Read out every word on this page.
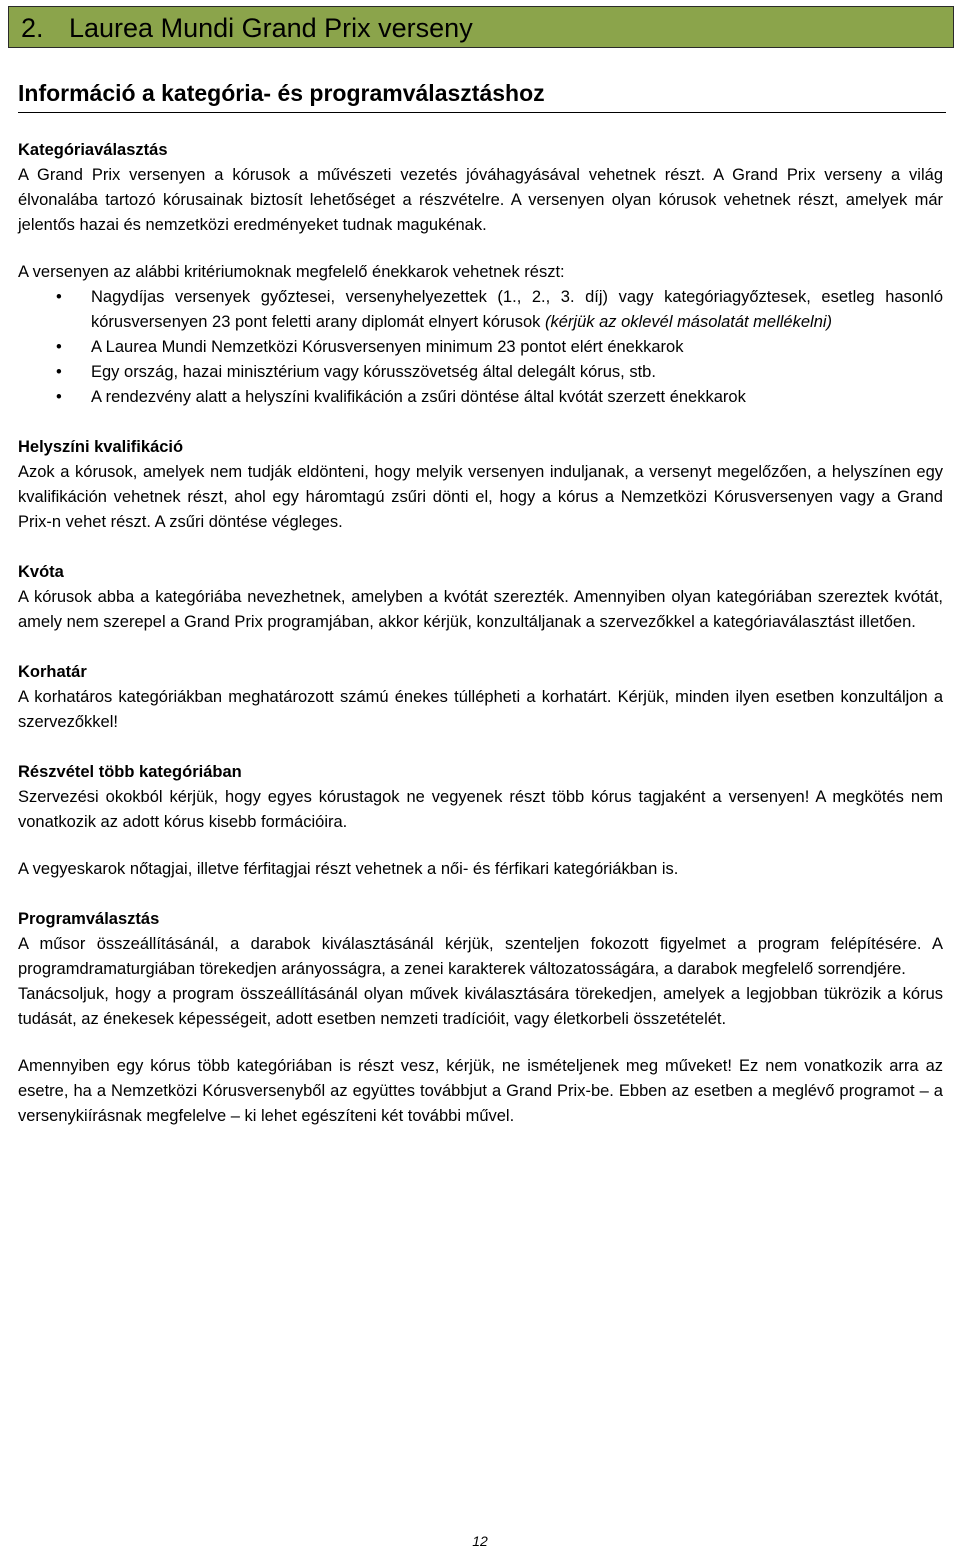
2. Laurea Mundi Grand Prix verseny
Információ a kategória- és programválasztáshoz

Kategóriaválasztás

A Grand Prix versenyen a kórusok a művészeti vezetés jóváhagyásával vehetnek részt. A Grand Prix verseny a világ élvonalába tartozó kórusainak biztosít lehetőséget a részvételre. A versenyen olyan kórusok vehetnek részt, amelyek már jelentős hazai és nemzetközi eredményeket tudnak magukénak.

A versenyen az alábbi kritériumoknak megfelelő énekkarok vehetnek részt:

• Nagydíjas versenyek győztesei, versenyhelyezettek (1., 2., 3. díj) vagy kategóriagyőztesek, esetleg hasonló kórusversenyen 23 pont feletti arany diplomát elnyert kórusok (kérjük az oklevél másolatát mellékelni)
• A Laurea Mundi Nemzetközi Kórusversenyen minimum 23 pontot elért énekkarok
• Egy ország, hazai minisztérium vagy kórusszövetség által delegált kórus, stb.
• A rendezvény alatt a helyszíni kvalifikáción a zsűri döntése által kvótát szerzett énekkarok

Helyszíni kvalifikáció

Azok a kórusok, amelyek nem tudják eldönteni, hogy melyik versenyen induljanak, a versenyt megelőzően, a helyszínen egy kvalifikáción vehetnek részt, ahol egy háromtagú zsűri dönti el, hogy a kórus a Nemzetközi Kórusversenyen vagy a Grand Prix-n vehet részt. A zsűri döntése végleges.

Kvóta

A kórusok abba a kategóriába nevezhetnek, amelyben a kvótát szerezték. Amennyiben olyan kategóriában szereztek kvótát, amely nem szerepel a Grand Prix programjában, akkor kérjük, konzultáljanak a szervezőkkel a kategóriaválasztást illetően.

Korhatár

A korhatáros kategóriákban meghatározott számú énekes túllépheti a korhatárt. Kérjük, minden ilyen esetben konzultáljon a szervezőkkel!

Részvétel több kategóriában

Szervezési okokból kérjük, hogy egyes kórustagok ne vegyenek részt több kórus tagjaként a versenyen! A megkötés nem vonatkozik az adott kórus kisebb formációira.

A vegyeskarok nőtagjai, illetve férfitagjai részt vehetnek a női- és férfikari kategóriákban is.

Programválasztás

A műsor összeállításánál, a darabok kiválasztásánál kérjük, szenteljen fokozott figyelmet a program felépítésére. A programdramaturgiában törekedjen arányosságra, a zenei karakterek változatosságára, a darabok megfelelő sorrendjére.

Tanácsoljuk, hogy a program összeállításánál olyan művek kiválasztására törekedjen, amelyek a legjobban tükrözik a kórus tudását, az énekesek képességeit, adott esetben nemzeti tradícióit, vagy életkorbeli összetételét.

Amennyiben egy kórus több kategóriában is részt vesz, kérjük, ne ismételjenek meg műveket! Ez nem vonatkozik arra az esetre, ha a Nemzetközi Kórusversenyből az együttes továbbjut a Grand Prix-be. Ebben az esetben a meglévő programot – a versenykiírásnak megfelelve – ki lehet egészíteni két további művel.

12
